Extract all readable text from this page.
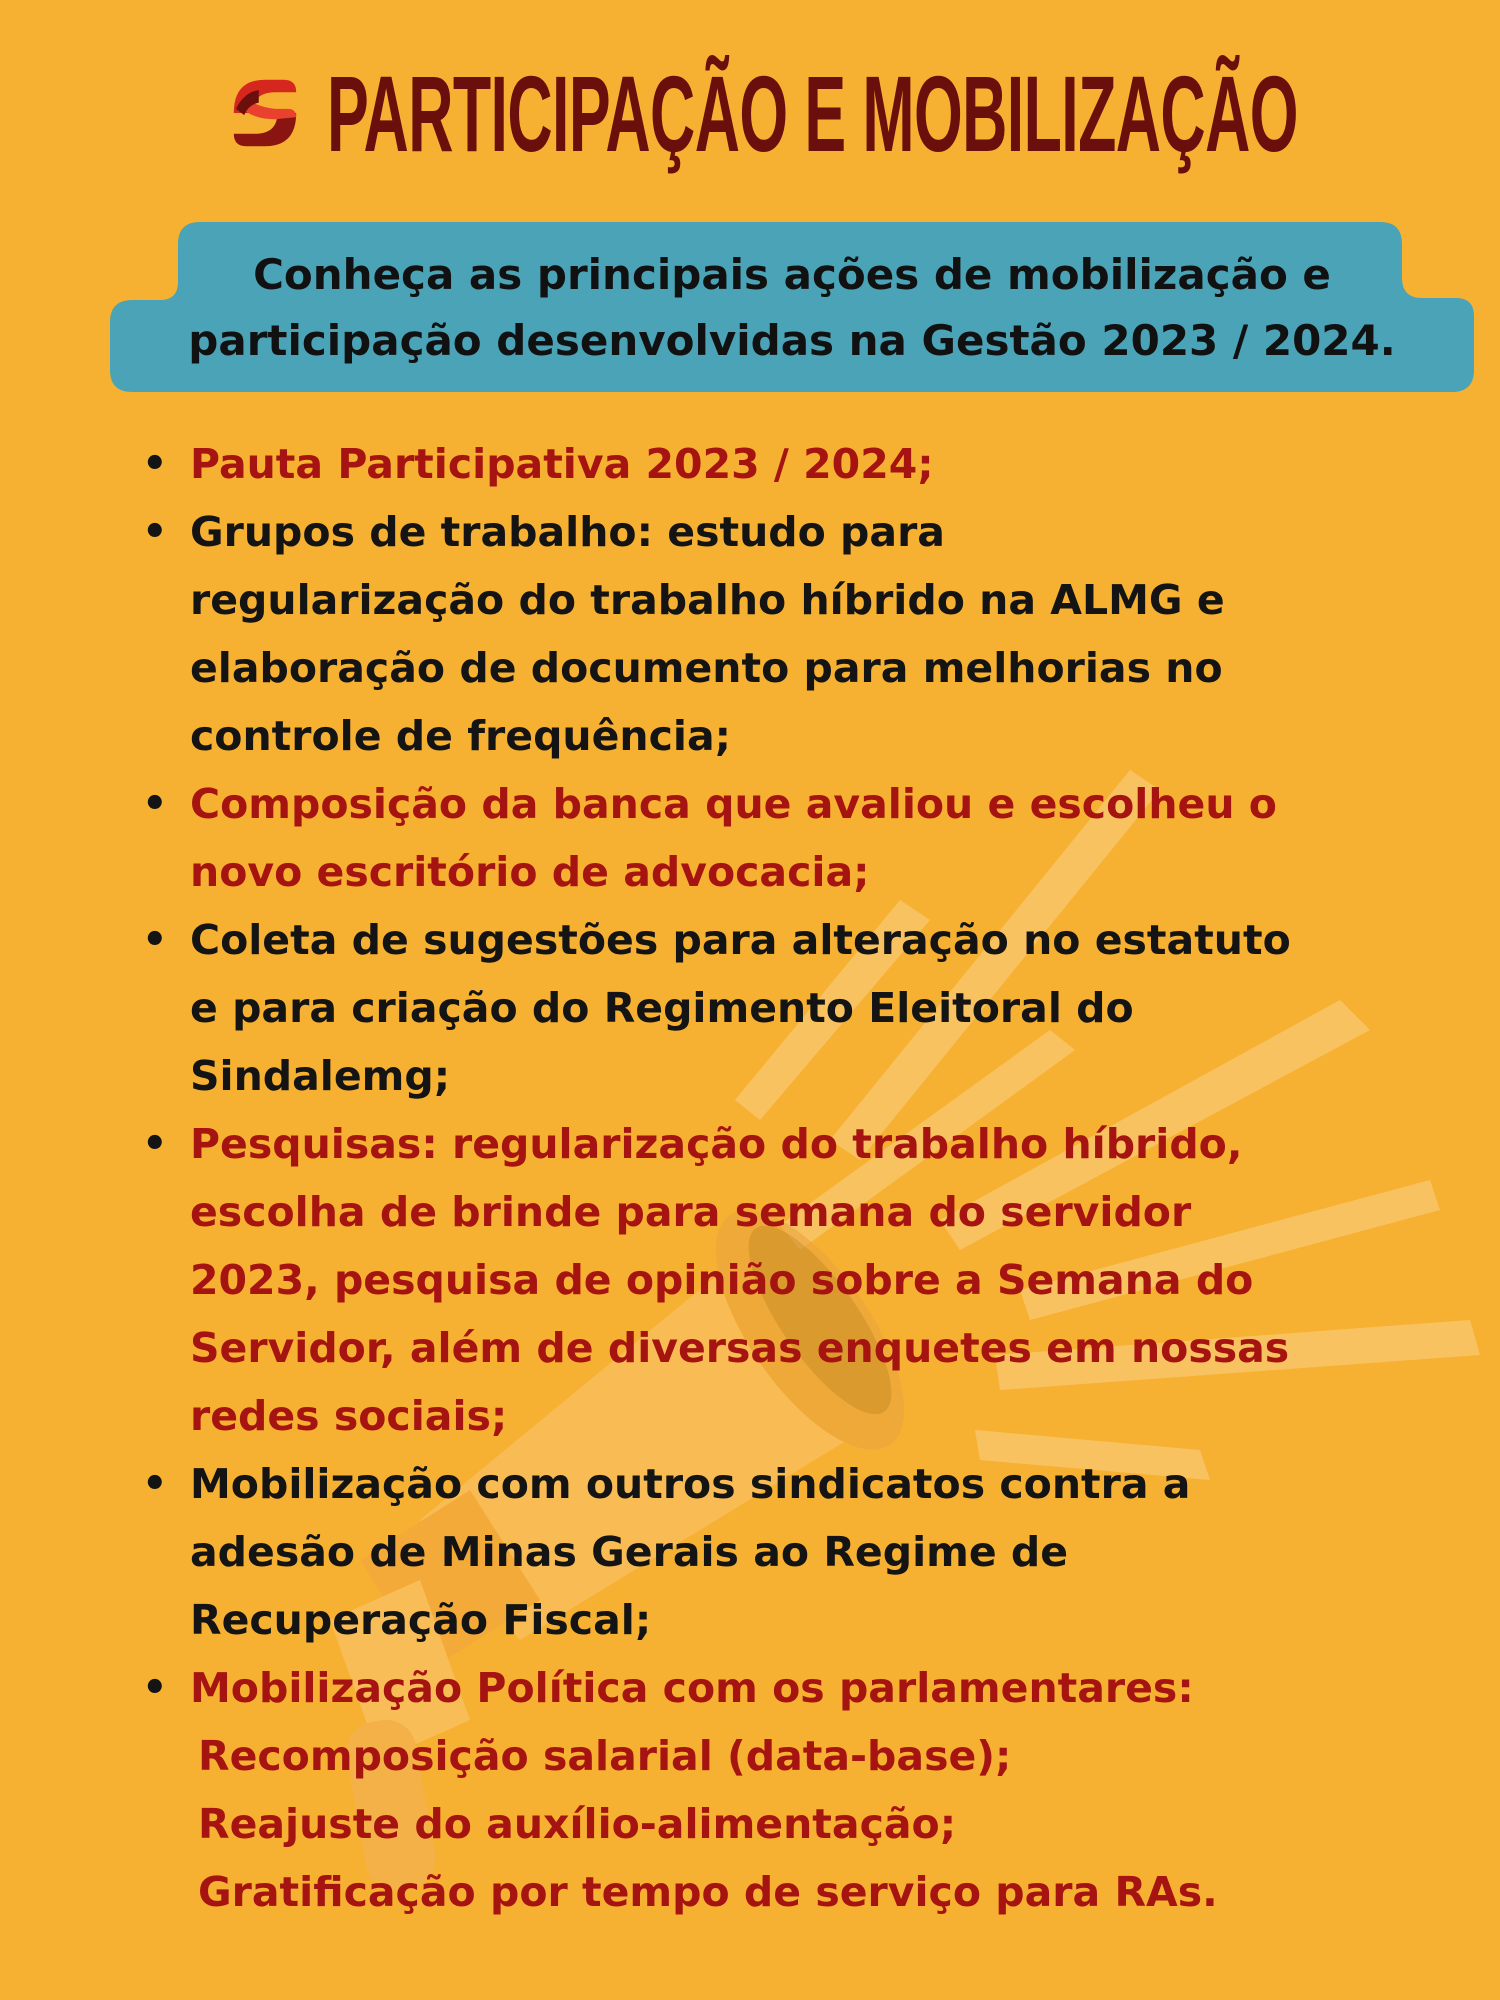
PARTICIPAÇÃO E MOBILIZAÇÃO
Conheça as principais ações de mobilização e
participação desenvolvidas na Gestão 2023 / 2024.
• Pauta Participativa 2023 / 2024;
• Grupos de trabalho: estudo para
regularização do trabalho híbrido na ALMG e
elaboração de documento para melhorias no
controle de frequência;
• Composição da banca que avaliou e escolheu o
novo escritório de advocacia;
• Coleta de sugestões para alteração no estatuto
e para criação do Regimento Eleitoral do
Sindalemg;
• Pesquisas: regularização do trabalho híbrido,
escolha de brinde para semana do servidor
2023, pesquisa de opinião sobre a Semana do
Servidor, além de diversas enquetes em nossas
redes sociais;
• Mobilização com outros sindicatos contra a
adesão de Minas Gerais ao Regime de
Recuperação Fiscal;
• Mobilização Política com os parlamentares:
Recomposição salarial (data-base);
Reajuste do auxílio-alimentação;
Gratificação por tempo de serviço para RAs.
